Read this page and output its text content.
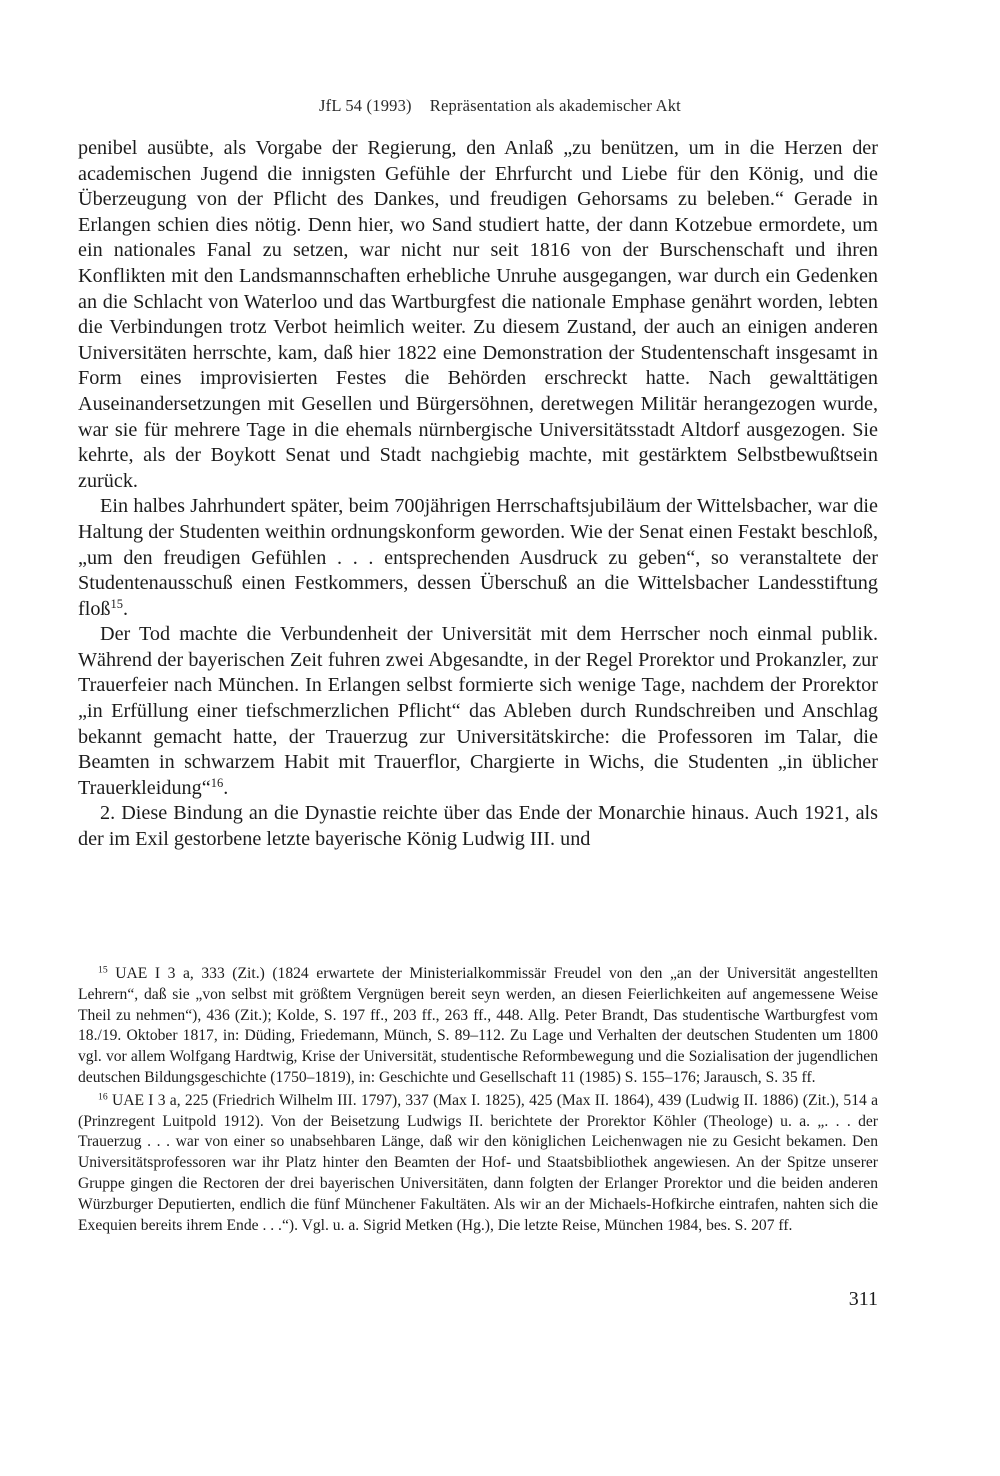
JfL 54 (1993) Repräsentation als akademischer Akt

penibel ausübte, als Vorgabe der Regierung, den Anlaß „zu benützen, um in die Herzen der academischen Jugend die innigsten Gefühle der Ehrfurcht und Liebe für den König, und die Überzeugung von der Pflicht des Dankes, und freudigen Gehorsams zu beleben.“ Gerade in Erlangen schien dies nötig. Denn hier, wo Sand studiert hatte, der dann Kotzebue ermordete, um ein nationales Fanal zu setzen, war nicht nur seit 1816 von der Burschenschaft und ihren Konflikten mit den Landsmannschaften erhebliche Unruhe ausgegangen, war durch ein Gedenken an die Schlacht von Waterloo und das Wartburgfest die nationale Emphase genährt worden, lebten die Verbindungen trotz Verbot heimlich weiter. Zu diesem Zustand, der auch an einigen anderen Universitäten herrschte, kam, daß hier 1822 eine Demonstration der Studentenschaft insgesamt in Form eines improvisierten Festes die Behörden erschreckt hatte. Nach gewalttätigen Auseinandersetzungen mit Gesellen und Bürgersöhnen, deretwegen Militär herangezogen wurde, war sie für mehrere Tage in die ehemals nürnbergische Universitätsstadt Altdorf ausgezogen. Sie kehrte, als der Boykott Senat und Stadt nachgiebig machte, mit gestärktem Selbstbewußtsein zurück.

Ein halbes Jahrhundert später, beim 700jährigen Herrschaftsjubiläum der Wittelsbacher, war die Haltung der Studenten weithin ordnungskonform geworden. Wie der Senat einen Festakt beschloß, „um den freudigen Gefühlen . . . entsprechenden Ausdruck zu geben“, so veranstaltete der Studentenausschuß einen Festkommers, dessen Überschuß an die Wittelsbacher Landesstiftung floß$^{15}$.

Der Tod machte die Verbundenheit der Universität mit dem Herrscher noch einmal publik. Während der bayerischen Zeit fuhren zwei Abgesandte, in der Regel Prorektor und Prokanzler, zur Trauerfeier nach München. In Erlangen selbst formierte sich wenige Tage, nachdem der Prorektor „in Erfüllung einer tiefschmerzlichen Pflicht“ das Ableben durch Rundschreiben und Anschlag bekannt gemacht hatte, der Trauerzug zur Universitätskirche: die Professoren im Talar, die Beamten in schwarzem Habit mit Trauerflor, Chargierte in Wichs, die Studenten „in üblicher Trauerkleidung“$^{16}$.

2. Diese Bindung an die Dynastie reichte über das Ende der Monarchie hinaus. Auch 1921, als der im Exil gestorbene letzte bayerische König Ludwig III. und

$^{15}$ UAE I 3 a, 333 (Zit.) (1824 erwartete der Ministerialkommissär Freudel von den „an der Universität angestellten Lehrern“, daß sie „von selbst mit größtem Vergnügen bereit seyn werden, an diesen Feierlichkeiten auf angemessene Weise Theil zu nehmen“), 436 (Zit.); Kolde, S. 197 ff., 203 ff., 263 ff., 448. Allg. Peter Brandt, Das studentische Wartburgfest vom 18./19. Oktober 1817, in: Düding, Friedemann, Münch, S. 89–112. Zu Lage und Verhalten der deutschen Studenten um 1800 vgl. vor allem Wolfgang Hardtwig, Krise der Universität, studentische Reformbewegung und die Sozialisation der jugendlichen deutschen Bildungsgeschichte (1750–1819), in: Geschichte und Gesellschaft 11 (1985) S. 155–176; Jarausch, S. 35 ff.

$^{16}$ UAE I 3 a, 225 (Friedrich Wilhelm III. 1797), 337 (Max I. 1825), 425 (Max II. 1864), 439 (Ludwig II. 1886) (Zit.), 514 a (Prinzregent Luitpold 1912). Von der Beisetzung Ludwigs II. berichtete der Prorektor Köhler (Theologe) u. a. „. . . der Trauerzug . . . war von einer so unabsehbaren Länge, daß wir den königlichen Leichenwagen nie zu Gesicht bekamen. Den Universitätsprofessoren war ihr Platz hinter den Beamten der Hof- und Staatsbibliothek angewiesen. An der Spitze unserer Gruppe gingen die Rectoren der drei bayerischen Universitäten, dann folgten der Erlanger Prorektor und die beiden anderen Würzburger Deputierten, endlich die fünf Münchener Fakultäten. Als wir an der Michaels-Hofkirche eintrafen, nahten sich die Exequien bereits ihrem Ende . . .“). Vgl. u. a. Sigrid Metken (Hg.), Die letzte Reise, München 1984, bes. S. 207 ff.

311
